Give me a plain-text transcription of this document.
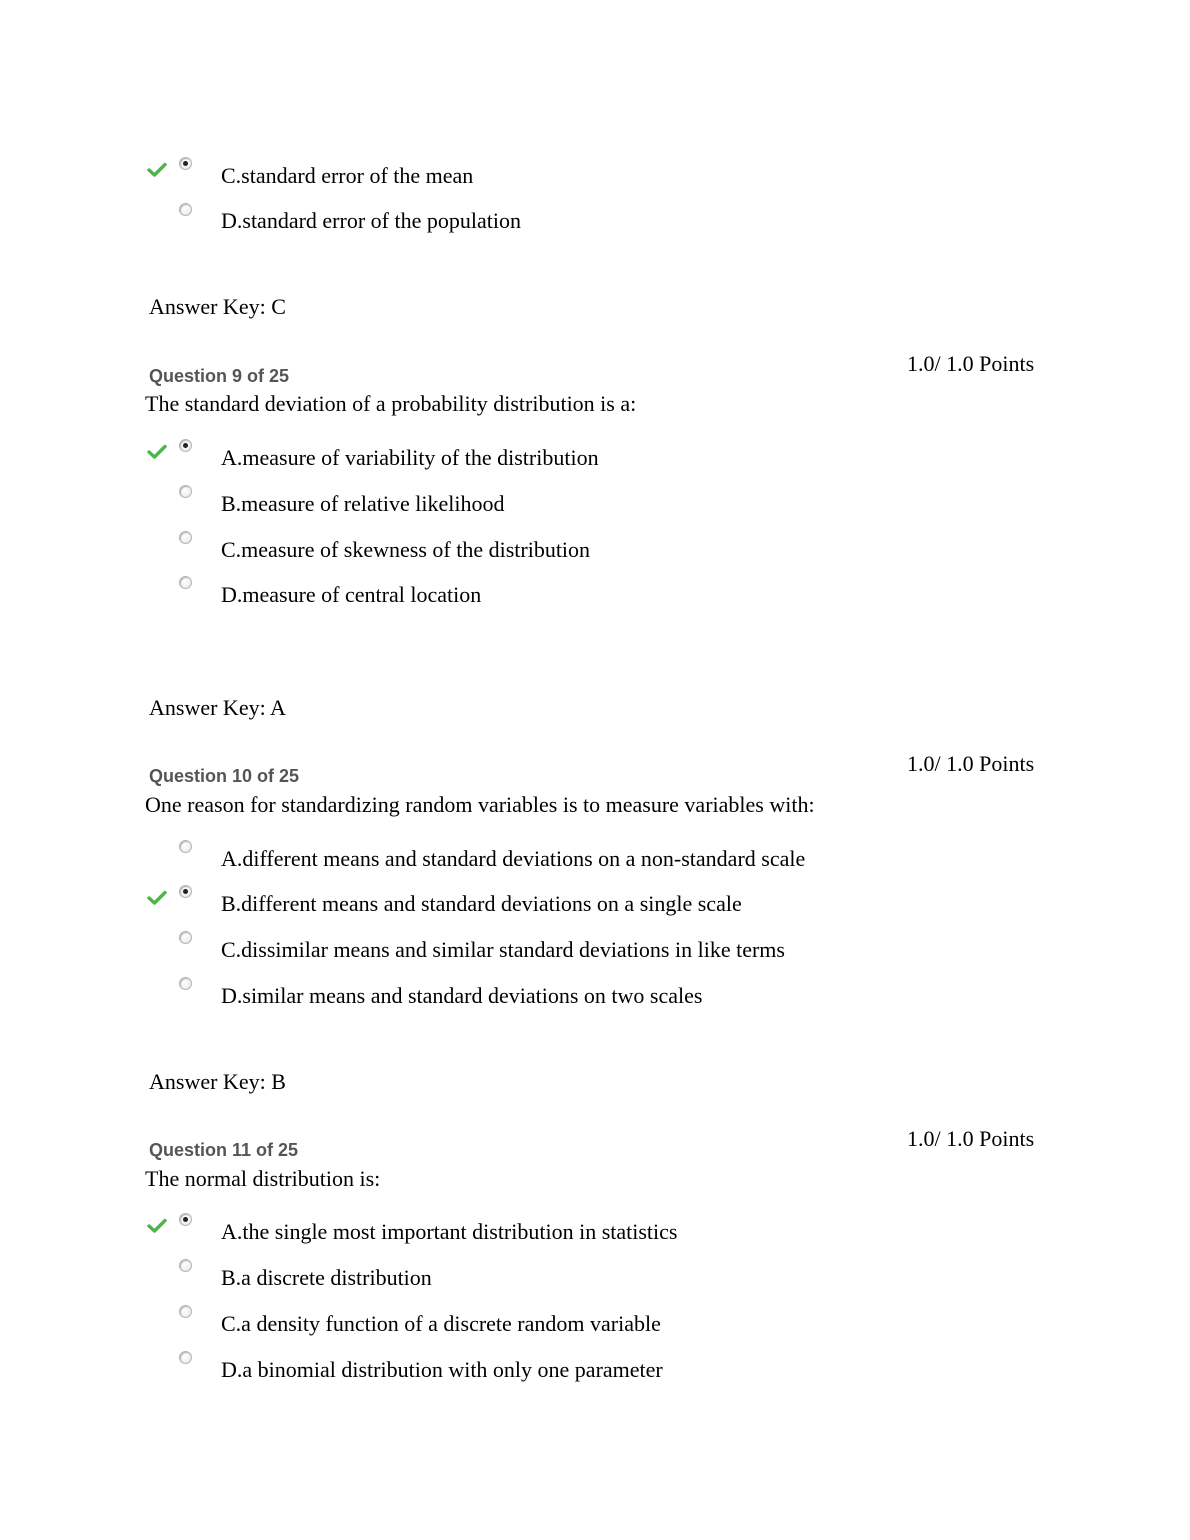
C.standard error of the mean
D.standard error of the population
Answer Key: C
1.0/ 1.0 Points
Question 9 of 25
The standard deviation of a probability distribution is a:
A.measure of variability of the distribution
B.measure of relative likelihood
C.measure of skewness of the distribution
D.measure of central location
Answer Key: A
1.0/ 1.0 Points
Question 10 of 25
One reason for standardizing random variables is to measure variables with:
A.different means and standard deviations on a non-standard scale
B.different means and standard deviations on a single scale
C.dissimilar means and similar standard deviations in like terms
D.similar means and standard deviations on two scales
Answer Key: B
1.0/ 1.0 Points
Question 11 of 25
The normal distribution is:
A.the single most important distribution in statistics
B.a discrete distribution
C.a density function of a discrete random variable
D.a binomial distribution with only one parameter
